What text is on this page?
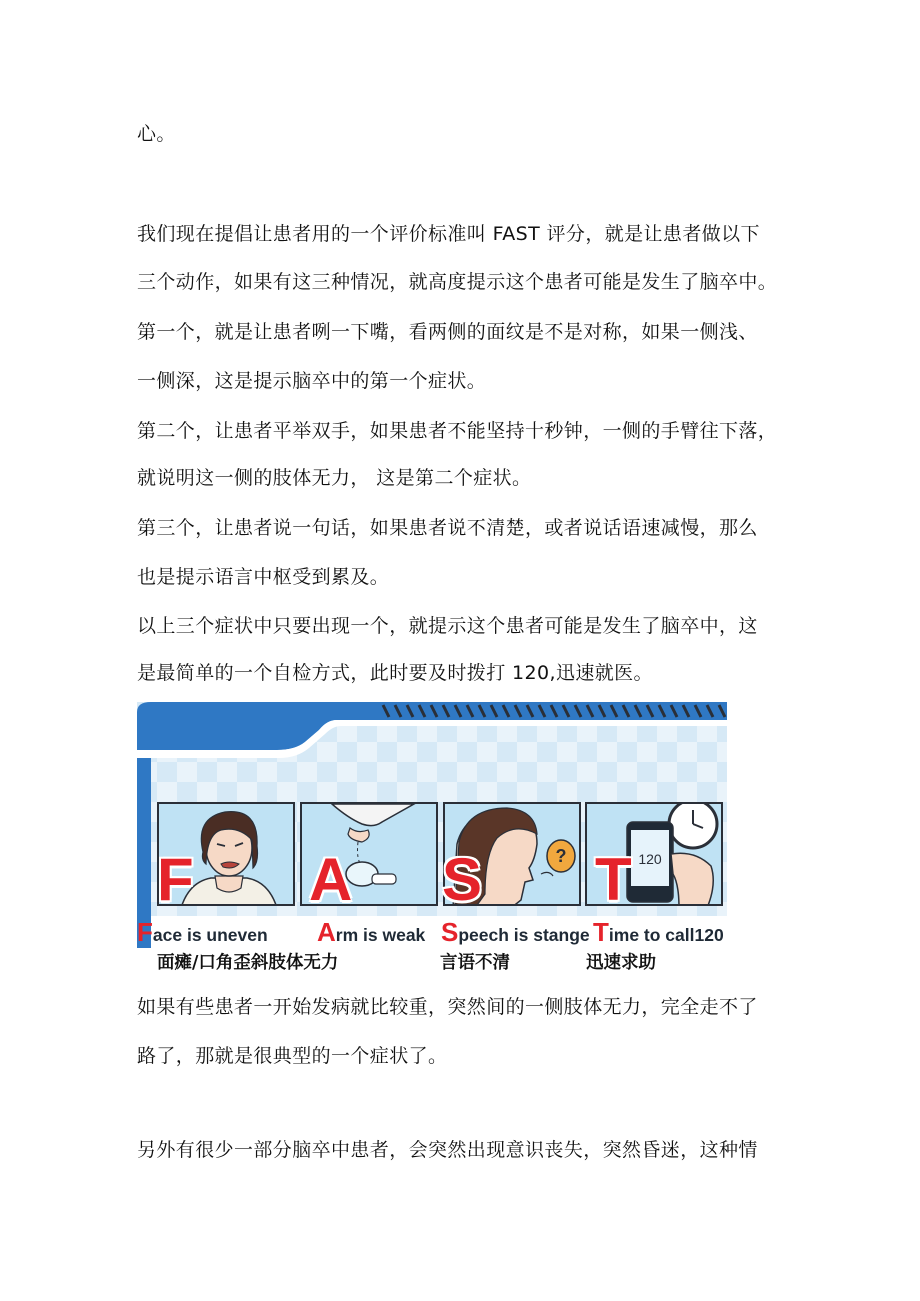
心。

我们现在提倡让患者用的一个评价标准叫 FAST 评分，就是让患者做以下

三个动作，如果有这三种情况，就高度提示这个患者可能是发生了脑卒中。

第一个，就是让患者咧一下嘴，看两侧的面纹是不是对称，如果一侧浅、

一侧深，这是提示脑卒中的第一个症状。

第二个，让患者平举双手，如果患者不能坚持十秒钟，一侧的手臂往下落，

就说明这一侧的肢体无力， 这是第二个症状。

第三个，让患者说一句话，如果患者说不清楚，或者说话语速减慢，那么

也是提示语言中枢受到累及。

以上三个症状中只要出现一个，就提示这个患者可能是发生了脑卒中，这

是最简单的一个自检方式，此时要及时拨打 120,迅速就医。

F A	?
S	120
T
Face is uneven Arm is weak Speech is stange Time to call120
面瘫/口角歪斜肢体无力	言语不清	迅速求助

如果有些患者一开始发病就比较重，突然间的一侧肢体无力，完全走不了

路了，那就是很典型的一个症状了。

另外有很少一部分脑卒中患者，会突然出现意识丧失，突然昏迷，这种情
